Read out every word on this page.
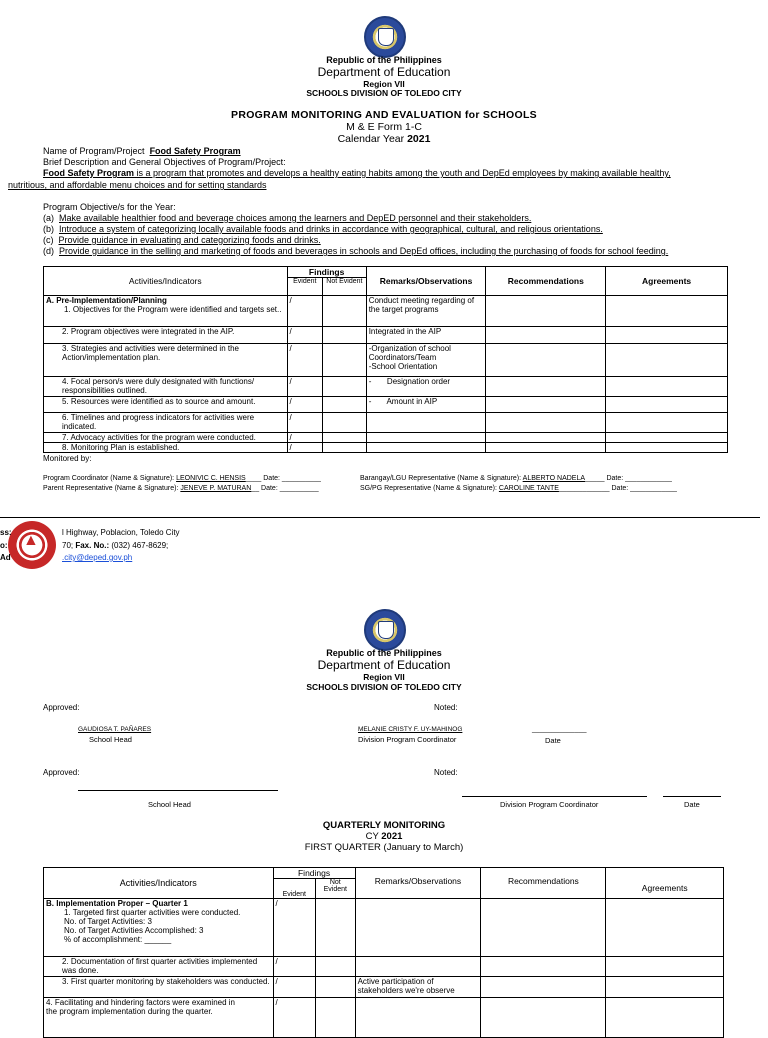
Republic of the Philippines
Department of Education
Region VII
SCHOOLS DIVISION OF TOLEDO CITY
PROGRAM MONITORING AND EVALUATION for SCHOOLS
M & E Form 1-C
Calendar Year 2021
Name of Program/Project Food Safety Program
Brief Description and General Objectives of Program/Project:
Food Safety Program is a program that promotes and develops a healthy eating habits among the youth and DepEd employees by making available healthy,
nutritious, and affordable menu choices and for setting standards
Program Objective/s for the Year:
(a) Make available healthier food and beverage choices among the learners and DepED personnel and their stakeholders.
(b) Introduce a system of categorizing locally available foods and drinks in accordance with geographical, cultural, and religious orientations.
(c) Provide guidance in evaluating and categorizing foods and drinks.
(d) Provide guidance in the selling and marketing of foods and beverages in schools and DepEd offices, including the purchasing of foods for school feeding.
Activities/Indicators	Findings		Remarks/Observations	Recommendations	Agreements
	Evident	Not Evident			
A. Pre-Implementation/Planning
1. Objectives for the Program were identified and targets set..	/		Conduct meeting regarding of the target programs		
2. Program objectives were integrated in the AIP.	/		Integrated in the AIP		
3. Strategies and activities were determined in the Action/implementation plan.	/		-Organization of school Coordinators/Team
-School Orientation		
4. Focal person/s were duly designated with functions/ responsibilities outlined.	/		-       Designation order		
5. Resources were identified as to source and amount.	/		-       Amount in AIP		
6. Timelines and progress indicators for activities were indicated.	/				
7. Advocacy activities for the program were conducted.	/				
8. Monitoring Plan is established.	/				
Monitored by:
Program Coordinator (Name & Signature): LEONIVIC C. HENSIS____ Date: __________
Parent Representative (Name & Signature): JENEVE P. MATURAN__ Date: __________
Barangay/LGU Representative (Name & Signature): ALBERTO NADELA_____ Date: ____________
SG/PG Representative (Name & Signature): CAROLINE TANTE_____________ Date: ____________
▲
ss:	l Highway, Poblacion, Toledo City
o:	70; Fax. No.: (032) 467-8629;
Ad	.city@deped.gov.ph
Republic of the Philippines
Department of Education
Region VII
SCHOOLS DIVISION OF TOLEDO CITY
Approved:	Noted:
GAUDIOSA T. PAÑARES
School Head
MELANIE CRISTY F. UY-MAHINOG
Division Program Coordinator
______________
Date
Approved:	Noted:
School Head	Division Program Coordinator	Date
QUARTERLY MONITORING
CY 2021
FIRST QUARTER (January to March)
Activities/Indicators	Findings		Remarks/Observations	Recommendations	Agreements
	Evident	Not Evident			
B. Implementation Proper – Quarter 1
1. Targeted first quarter activities were conducted.
No. of Target Activities: 3
No. of Target Activities Accomplished: 3
% of accomplishment: ______	/				
2. Documentation of first quarter activities implemented was done.	/				
3. First quarter monitoring by stakeholders was conducted.	/		Active participation of stakeholders we're observe		
4. Facilitating and hindering factors were examined in
the program implementation during the quarter.	/				
